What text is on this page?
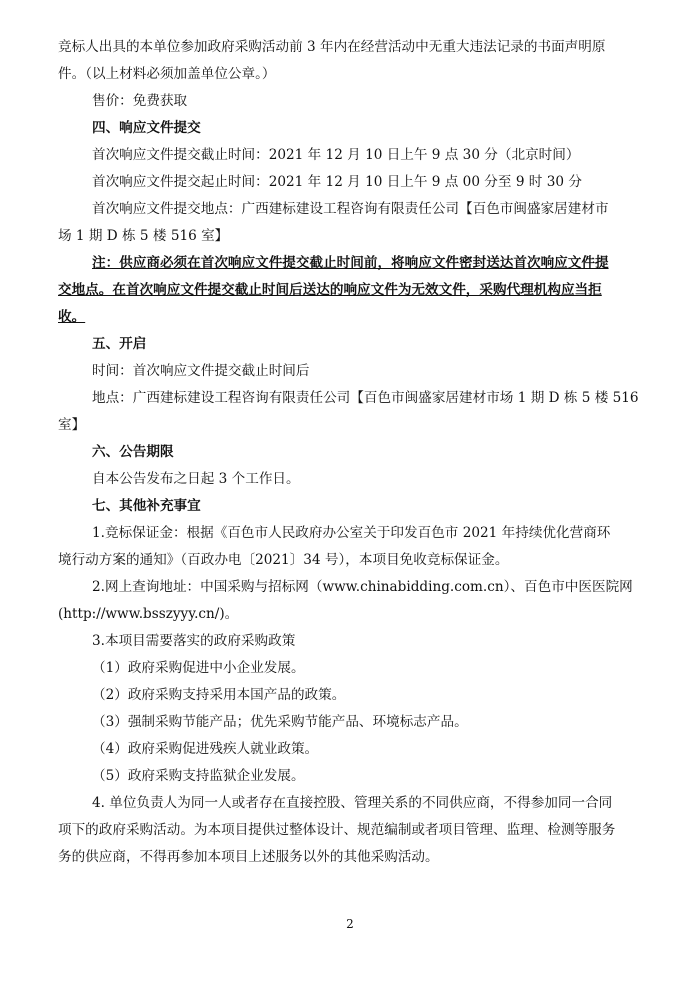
竞标人出具的本单位参加政府采购活动前 3 年内在经营活动中无重大违法记录的书面声明原
件。（以上材料必须加盖单位公章。）
售价：免费获取
四、响应文件提交
首次响应文件提交截止时间：2021 年 12 月 10 日上午 9 点 30 分（北京时间）
首次响应文件提交起止时间：2021 年 12 月 10 日上午 9 点 00 分至 9 时 30 分
首次响应文件提交地点：广西建标建设工程咨询有限责任公司【百色市闽盛家居建材市
场 1 期 D 栋 5 楼 516 室】
注：供应商必须在首次响应文件提交截止时间前，将响应文件密封送达首次响应文件提
交地点。在首次响应文件提交截止时间后送达的响应文件为无效文件，采购代理机构应当拒
收。
五、开启
时间：首次响应文件提交截止时间后
地点：广西建标建设工程咨询有限责任公司【百色市闽盛家居建材市场 1 期 D 栋 5 楼 516
室】
六、公告期限
自本公告发布之日起 3 个工作日。
七、其他补充事宜
1.竞标保证金：根据《百色市人民政府办公室关于印发百色市 2021 年持续优化营商环
境行动方案的通知》（百政办电〔2021〕34 号），本项目免收竞标保证金。
2.网上查询地址：中国采购与招标网（www.chinabidding.com.cn）、百色市中医医院网
(http://www.bsszyyy.cn/)。
3.本项目需要落实的政府采购政策
（1）政府采购促进中小企业发展。
（2）政府采购支持采用本国产品的政策。
（3）强制采购节能产品；优先采购节能产品、环境标志产品。
（4）政府采购促进残疾人就业政策。
（5）政府采购支持监狱企业发展。
4. 单位负责人为同一人或者存在直接控股、管理关系的不同供应商，不得参加同一合同
项下的政府采购活动。为本项目提供过整体设计、规范编制或者项目管理、监理、检测等服务
务的供应商，不得再参加本项目上述服务以外的其他采购活动。
2
